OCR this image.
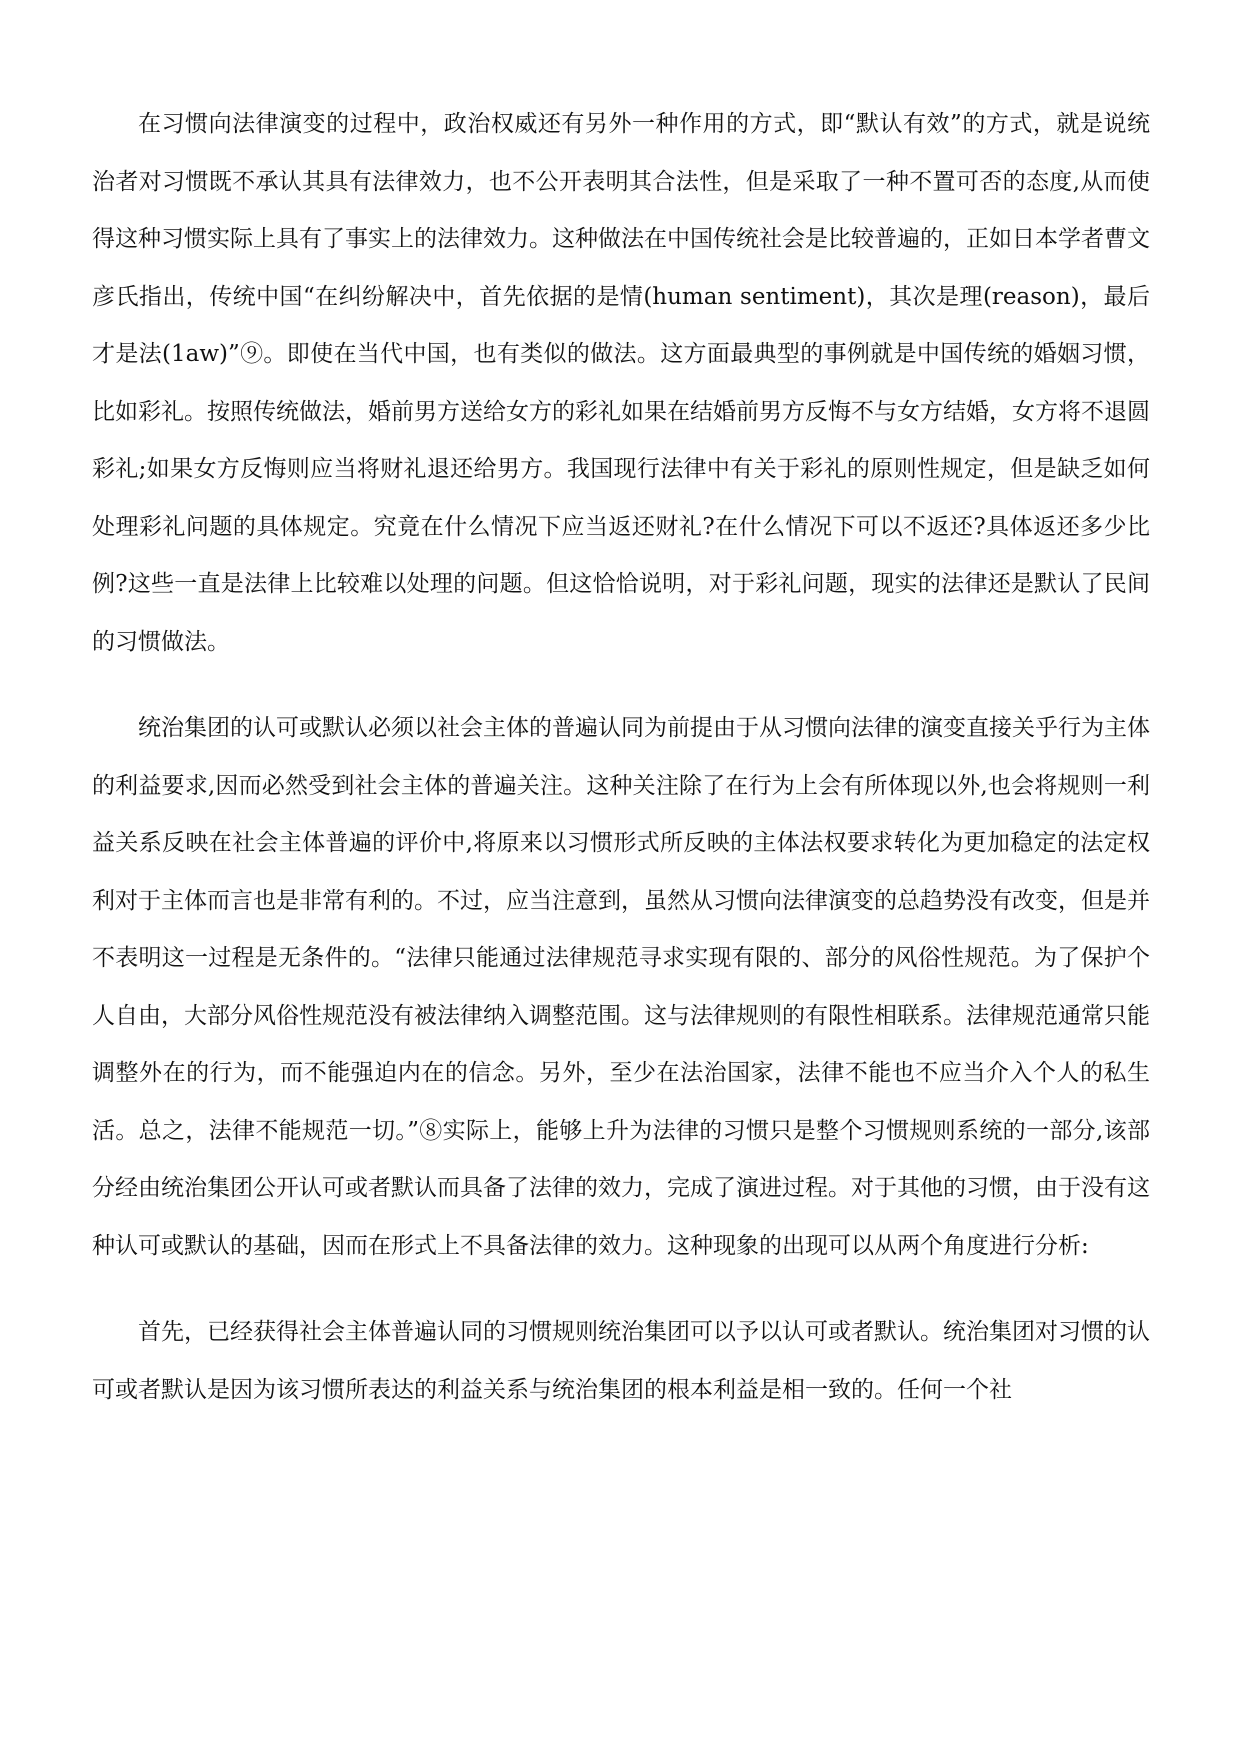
在习惯向法律演变的过程中，政治权威还有另外一种作用的方式，即“默认有效”的方式，就是说统治者对习惯既不承认其具有法律效力，也不公开表明其合法性，但是采取了一种不置可否的态度,从而使得这种习惯实际上具有了事实上的法律效力。这种做法在中国传统社会是比较普遍的，正如日本学者曹文彦氏指出，传统中国“在纠纷解决中，首先依据的是情(human sentiment)，其次是理(reason)，最后才是法(1aw)”⑨。即使在当代中国，也有类似的做法。这方面最典型的事例就是中国传统的婚姻习惯，比如彩礼。按照传统做法，婚前男方送给女方的彩礼如果在结婚前男方反悔不与女方结婚，女方将不退圆彩礼;如果女方反悔则应当将财礼退还给男方。我国现行法律中有关于彩礼的原则性规定，但是缺乏如何处理彩礼问题的具体规定。究竟在什么情况下应当返还财礼?在什么情况下可以不返还?具体返还多少比例?这些一直是法律上比较难以处理的问题。但这恰恰说明，对于彩礼问题，现实的法律还是默认了民间的习惯做法。

统治集团的认可或默认必须以社会主体的普遍认同为前提由于从习惯向法律的演变直接关乎行为主体的利益要求,因而必然受到社会主体的普遍关注。这种关注除了在行为上会有所体现以外,也会将规则一利益关系反映在社会主体普遍的评价中,将原来以习惯形式所反映的主体法权要求转化为更加稳定的法定权利对于主体而言也是非常有利的。不过，应当注意到，虽然从习惯向法律演变的总趋势没有改变，但是并不表明这一过程是无条件的。“法律只能通过法律规范寻求实现有限的、部分的风俗性规范。为了保护个人自由，大部分风俗性规范没有被法律纳入调整范围。这与法律规则的有限性相联系。法律规范通常只能调整外在的行为，而不能强迫内在的信念。另外，至少在法治国家，法律不能也不应当介入个人的私生活。总之，法律不能规范一切。”⑧实际上，能够上升为法律的习惯只是整个习惯规则系统的一部分,该部分经由统治集团公开认可或者默认而具备了法律的效力，完成了演进过程。对于其他的习惯，由于没有这种认可或默认的基础，因而在形式上不具备法律的效力。这种现象的出现可以从两个角度进行分析:

首先，已经获得社会主体普遍认同的习惯规则统治集团可以予以认可或者默认。统治集团对习惯的认可或者默认是因为该习惯所表达的利益关系与统治集团的根本利益是相一致的。任何一个社
